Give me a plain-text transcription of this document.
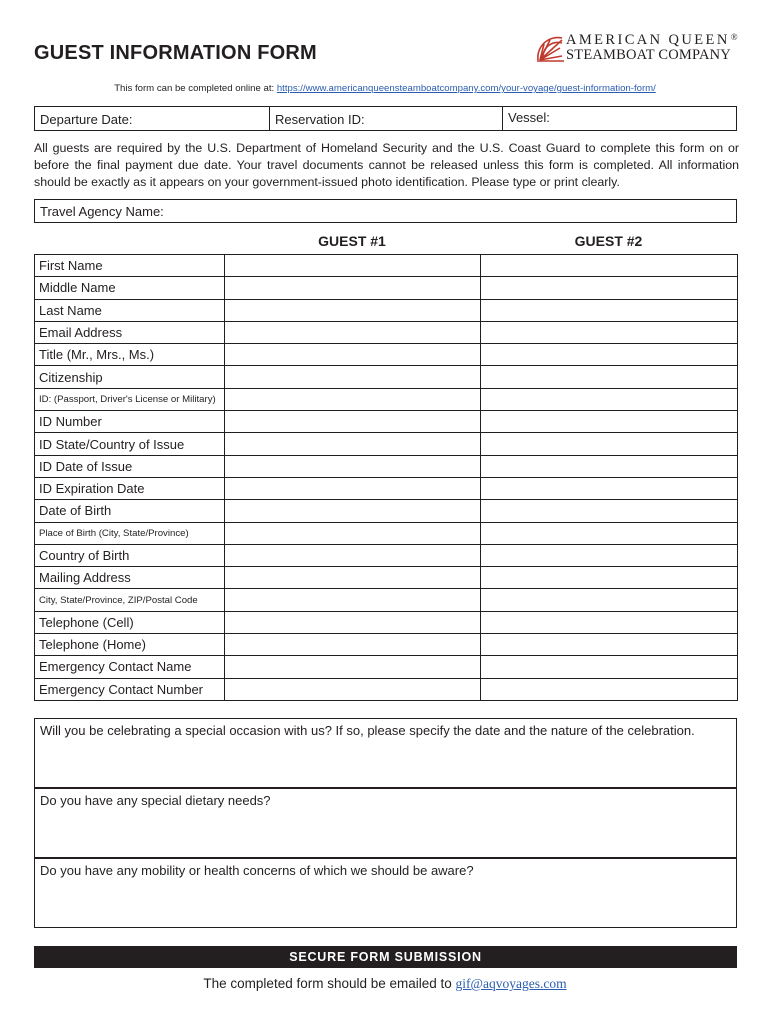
GUEST INFORMATION FORM
AMERICAN QUEEN®
STEAMBOAT COMPANY
This form can be completed online at: https://www.americanqueensteamboatcompany.com/your-voyage/guest-information-form/
Departure Date:	Reservation ID:	Vessel:
All guests are required by the U.S. Department of Homeland Security and the U.S. Coast Guard to complete this form on or before the final payment due date. Your travel documents cannot be released unless this form is completed. All information should be exactly as it appears on your government-issued photo identification. Please type or print clearly.
Travel Agency Name:
GUEST #1	GUEST #2
First Name		
Middle Name		
Last Name		
Email Address		
Title (Mr., Mrs., Ms.)		
Citizenship		
ID: (Passport, Driver's License or Military)		
ID Number		
ID State/Country of Issue		
ID Date of Issue		
ID Expiration Date		
Date of Birth		
Place of Birth (City, State/Province)		
Country of Birth		
Mailing Address		
City, State/Province, ZIP/Postal Code		
Telephone (Cell)		
Telephone (Home)		
Emergency Contact Name		
Emergency Contact Number		
Will you be celebrating a special occasion with us? If so, please specify the date and the nature of the celebration.
Do you have any special dietary needs?
Do you have any mobility or health concerns of which we should be aware?
SECURE FORM SUBMISSION
The completed form should be emailed to gif@aqvoyages.com
